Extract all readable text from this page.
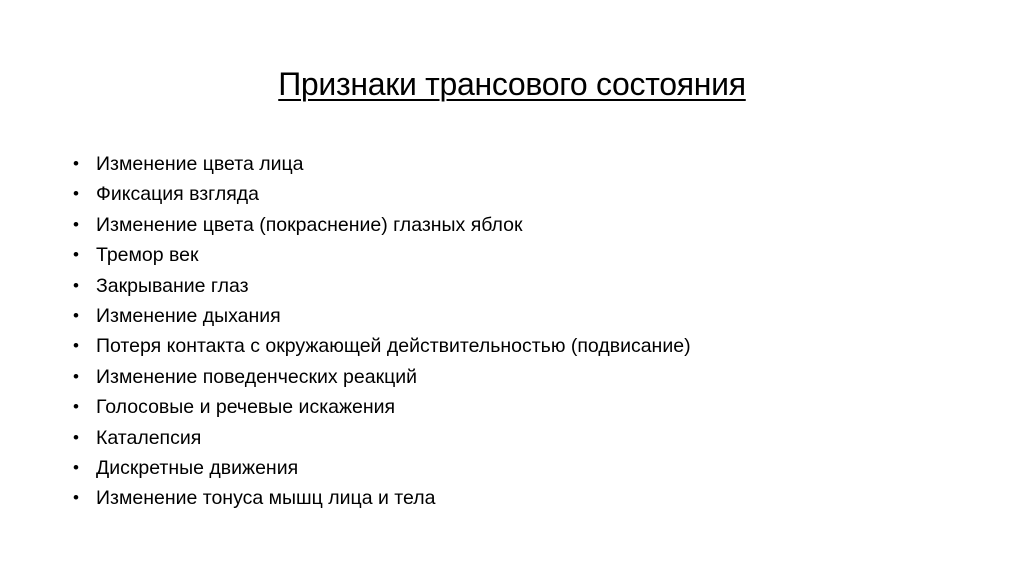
Признаки трансового состояния
• Изменение цвета лица
• Фиксация взгляда
• Изменение цвета (покраснение) глазных яблок
• Тремор век
• Закрывание глаз
• Изменение дыхания
• Потеря контакта с окружающей действительностью (подвисание)
• Изменение поведенческих реакций
• Голосовые и речевые искажения
• Каталепсия
• Дискретные движения
• Изменение тонуса мышц лица и тела
